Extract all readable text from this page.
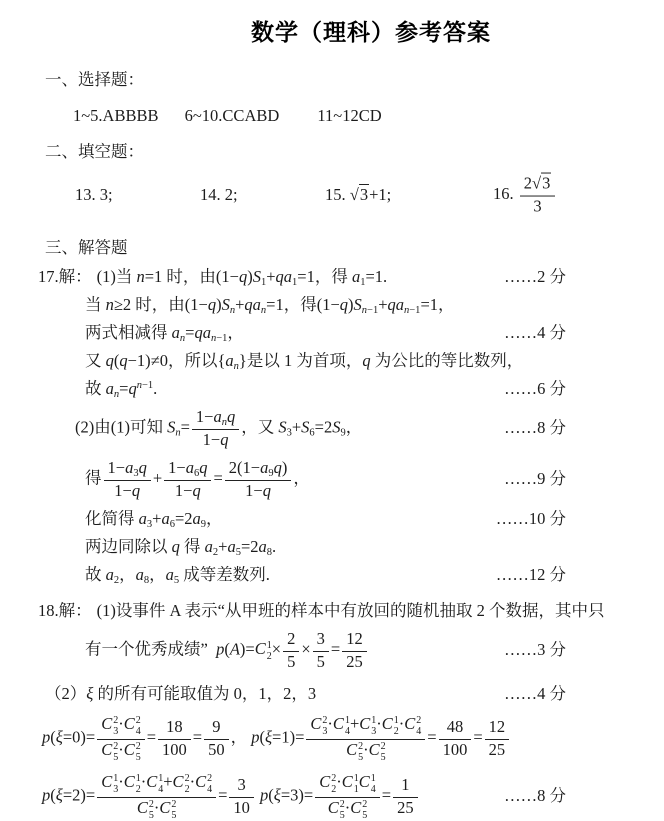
数学（理科）参考答案
一、选择题：
1~5.ABBBB 6~10.CCABD 11~12CD
二、填空题：
13. 3;	14. 2;	15. √3+1;	16. $\frac{2√3}{3}$
三、解答题
17.解： (1)当 n=1 时，由$(1-q)S_1+qa_1=1$，得 $a_1=1$.	……2 分
当 n≥2 时，由$(1-q)S_n+qa_n=1$，得$(1-q)S_{n-1}+qa_{n-1}=1$，
两式相减得 $a_n=qa_{n-1}$，	……4 分
又 q(q−1)≠0，所以$\{a_n\}$是以 1 为首项，q 为公比的等比数列，
故 $a_n=q^{n-1}$.	……6 分
(2)由(1)可知 $S_n=$
$1-a_nq$
1−q
，又 $S_3+S_6=2S_9$，	……8 分
得 $\frac{1-a_3q}{1-q} + \frac{1-a_6q}{1-q} = \frac{2(1-a_9q)}{1-q}$ ，	……9 分
化简得 $a_3+a_6=2a_9$，	……10 分
两边同除以 q 得 $a_2+a_5=2a_8$.
故 $a_2$，$a_8$，$a_5$ 成等差数列.	……12 分
18.解： (1)设事件 A 表示“从甲班的样本中有放回的随机抽取 2 个数据，其中只
有一个优秀成绩”  p(A)=C 1
$2 \times \frac{2}{5} \times \frac{3}{5} = \frac{12}{25}$	……3 分
（2）ξ 的所有可能取值为 0，1，2，3	……4 分
p(ξ=0)= C 2
3 ·C 2
4
C 2
5 ·C 2
$5 = \frac{18}{100} = \frac{9}{50}$ ， p(ξ=1)= C 2
3 ·C 1
4 +C 1
3 ·C 1
2 ·C 2
4
C 2
5 ·C 2
$5 = \frac{48}{100} = \frac{12}{25}$
p(ξ=2)= C 1
3 ·C 1
2 ·C 1
4 +C 2
2 ·C 2
4
C 2
5 ·C 2
$5 = \frac{3}{10} p(\xi=3)= C$ 2
2 ·C 1
1 C 1
4
C 2
5 ·C 2
$5 = \frac{1}{25}$	……8 分
